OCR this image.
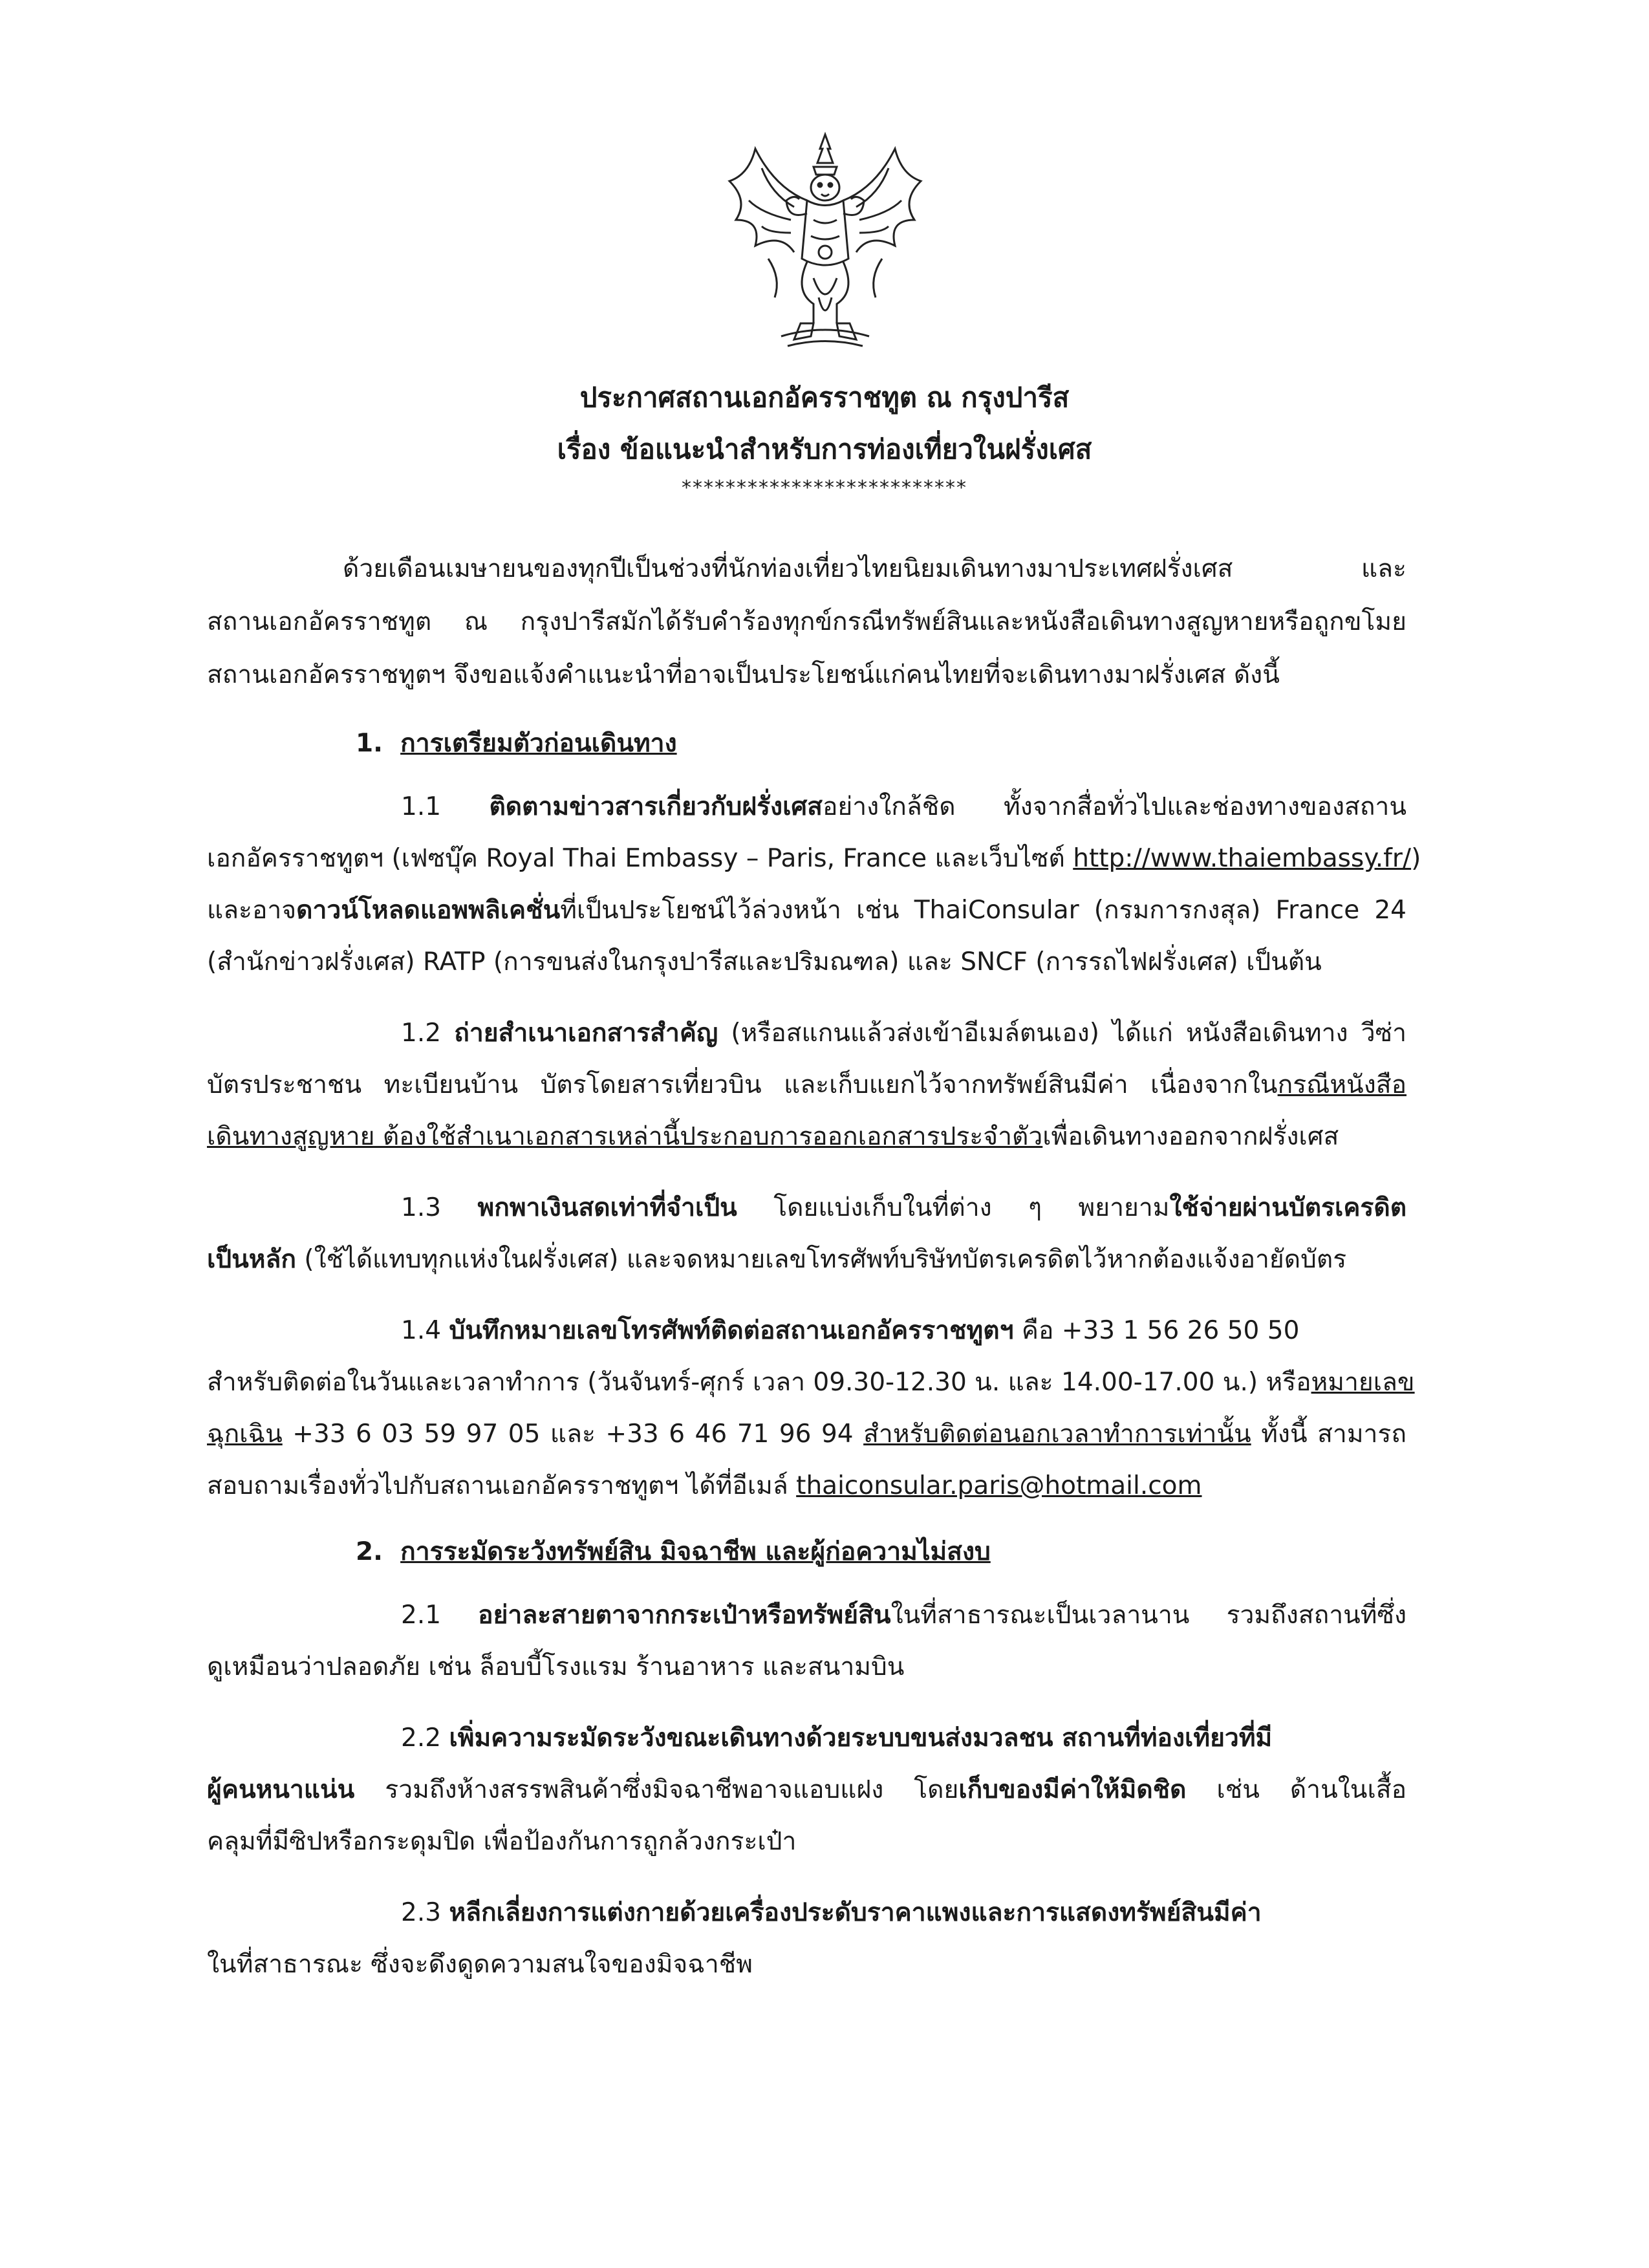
ประกาศสถานเอกอัครราชทูต ณ กรุงปารีส
เรื่อง ข้อแนะนำสำหรับการท่องเที่ยวในฝรั่งเศส
**************************
ด้วยเดือนเมษายนของทุกปีเป็นช่วงที่นักท่องเที่ยวไทยนิยมเดินทางมาประเทศฝรั่งเศส และ
สถานเอกอัครราชทูต ณ กรุงปารีสมักได้รับคำร้องทุกข์กรณีทรัพย์สินและหนังสือเดินทางสูญหายหรือถูกขโมย
สถานเอกอัครราชทูตฯ จึงขอแจ้งคำแนะนำที่อาจเป็นประโยชน์แก่คนไทยที่จะเดินทางมาฝรั่งเศส ดังนี้
1. การเตรียมตัวก่อนเดินทาง
1.1 ติดตามข่าวสารเกี่ยวกับฝรั่งเศสอย่างใกล้ชิด ทั้งจากสื่อทั่วไปและช่องทางของสถาน
เอกอัครราชทูตฯ (เฟซบุ๊ค Royal Thai Embassy – Paris, France และเว็บไซต์ http://www.thaiembassy.fr/)
และอาจดาวน์โหลดแอพพลิเคชั่นที่เป็นประโยชน์ไว้ล่วงหน้า เช่น ThaiConsular (กรมการกงสุล) France 24
(สำนักข่าวฝรั่งเศส) RATP (การขนส่งในกรุงปารีสและปริมณฑล) และ SNCF (การรถไฟฝรั่งเศส) เป็นต้น
1.2 ถ่ายสำเนาเอกสารสำคัญ (หรือสแกนแล้วส่งเข้าอีเมล์ตนเอง) ได้แก่ หนังสือเดินทาง วีซ่า
บัตรประชาชน ทะเบียนบ้าน บัตรโดยสารเที่ยวบิน และเก็บแยกไว้จากทรัพย์สินมีค่า เนื่องจากในกรณีหนังสือ
เดินทางสูญหาย ต้องใช้สำเนาเอกสารเหล่านี้ประกอบการออกเอกสารประจำตัวเพื่อเดินทางออกจากฝรั่งเศส
1.3 พกพาเงินสดเท่าที่จำเป็น โดยแบ่งเก็บในที่ต่าง ๆ พยายามใช้จ่ายผ่านบัตรเครดิต
เป็นหลัก (ใช้ได้แทบทุกแห่งในฝรั่งเศส) และจดหมายเลขโทรศัพท์บริษัทบัตรเครดิตไว้หากต้องแจ้งอายัดบัตร
1.4 บันทึกหมายเลขโทรศัพท์ติดต่อสถานเอกอัครราชทูตฯ คือ +33 1 56 26 50 50
สำหรับติดต่อในวันและเวลาทำการ (วันจันทร์-ศุกร์ เวลา 09.30-12.30 น. และ 14.00-17.00 น.) หรือหมายเลข
ฉุกเฉิน +33 6 03 59 97 05 และ +33 6 46 71 96 94 สำหรับติดต่อนอกเวลาทำการเท่านั้น ทั้งนี้ สามารถ
สอบถามเรื่องทั่วไปกับสถานเอกอัครราชทูตฯ ได้ที่อีเมล์ thaiconsular.paris@hotmail.com
2. การระมัดระวังทรัพย์สิน มิจฉาชีพ และผู้ก่อความไม่สงบ
2.1 อย่าละสายตาจากกระเป๋าหรือทรัพย์สินในที่สาธารณะเป็นเวลานาน รวมถึงสถานที่ซึ่ง
ดูเหมือนว่าปลอดภัย เช่น ล็อบบี้โรงแรม ร้านอาหาร และสนามบิน
2.2 เพิ่มความระมัดระวังขณะเดินทางด้วยระบบขนส่งมวลชน สถานที่ท่องเที่ยวที่มี
ผู้คนหนาแน่น รวมถึงห้างสรรพสินค้าซึ่งมิจฉาชีพอาจแอบแฝง โดยเก็บของมีค่าให้มิดชิด เช่น ด้านในเสื้อ
คลุมที่มีซิปหรือกระดุมปิด เพื่อป้องกันการถูกล้วงกระเป๋า
2.3 หลีกเลี่ยงการแต่งกายด้วยเครื่องประดับราคาแพงและการแสดงทรัพย์สินมีค่า
ในที่สาธารณะ ซึ่งจะดึงดูดความสนใจของมิจฉาชีพ
